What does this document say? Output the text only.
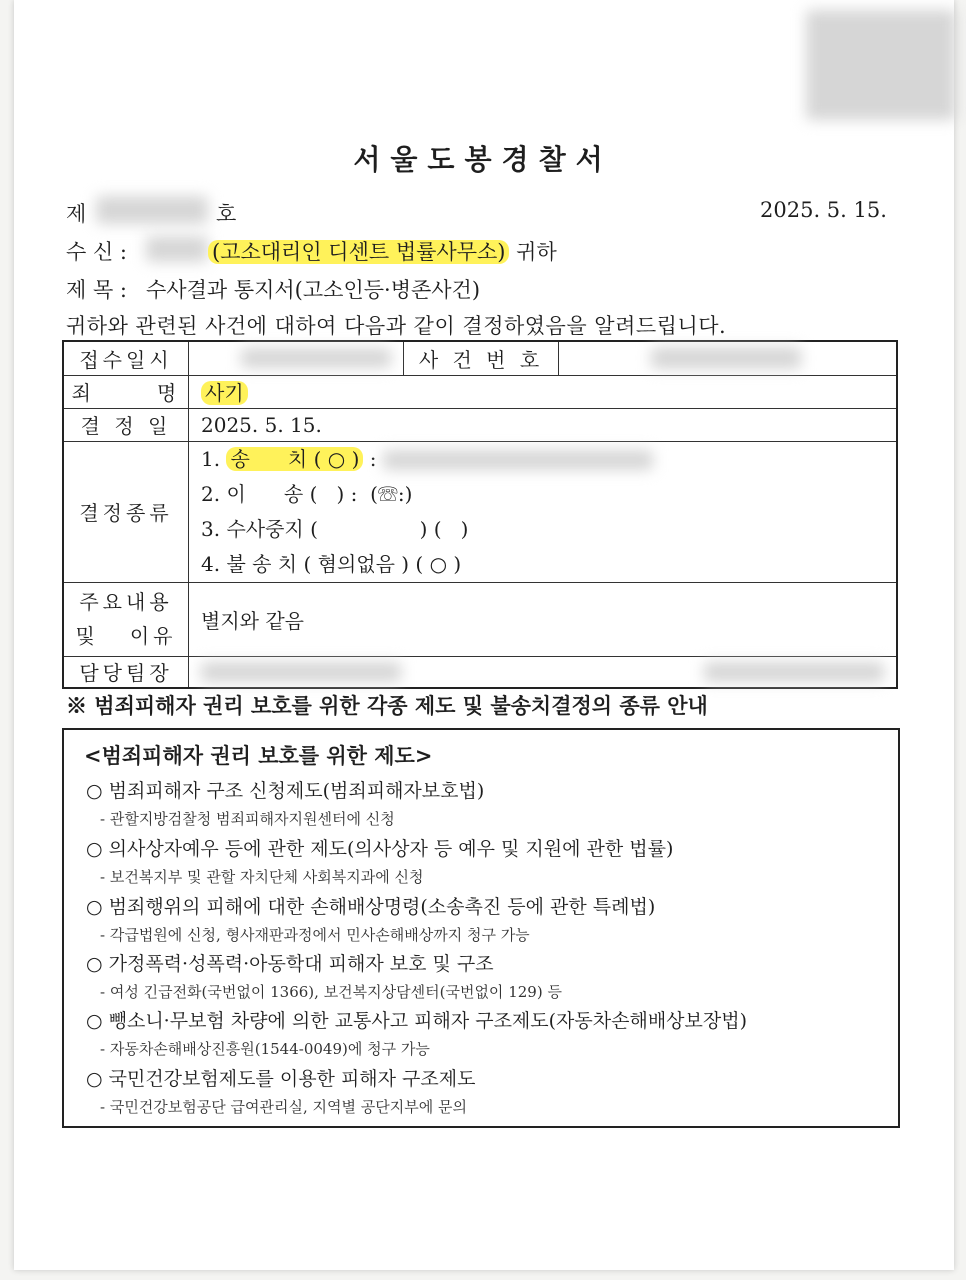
서울도봉경찰서
제	호	2025. 5. 15.
수 신 :	(고소대리인 디센트 법률사무소) 귀하
제 목 : 수사결과 통지서(고소인등·병존사건)
귀하와 관련된 사건에 대하여 다음과 같이 결정하였음을 알려드립니다.
접수일시		사 건 번 호	

죄      명	사기		
결 정 일	2025. 5. 15.		
결정종류	1. 송      치 ( ○ ) :
2. 이      송 (   ) :  (☏:)
3. 수사중지 (                ) (   )
4. 불 송 치 ( 혐의없음 ) ( ○ )		

주요내용
및   이유	별지와 같음		
담당팀장			
※ 범죄피해자 권리 보호를 위한 각종 제도 및 불송치결정의 종류 안내
<범죄피해자 권리 보호를 위한 제도>
○ 범죄피해자 구조 신청제도(범죄피해자보호법)
- 관할지방검찰청 범죄피해자지원센터에 신청
○ 의사상자예우 등에 관한 제도(의사상자 등 예우 및 지원에 관한 법률)
- 보건복지부 및 관할 자치단체 사회복지과에 신청
○ 범죄행위의 피해에 대한 손해배상명령(소송촉진 등에 관한 특례법)
- 각급법원에 신청, 형사재판과정에서 민사손해배상까지 청구 가능
○ 가정폭력·성폭력·아동학대 피해자 보호 및 구조
- 여성 긴급전화(국번없이 1366), 보건복지상담센터(국번없이 129) 등
○ 뺑소니·무보험 차량에 의한 교통사고 피해자 구조제도(자동차손해배상보장법)
- 자동차손해배상진흥원(1544-0049)에 청구 가능
○ 국민건강보험제도를 이용한 피해자 구조제도
- 국민건강보험공단 급여관리실, 지역별 공단지부에 문의
